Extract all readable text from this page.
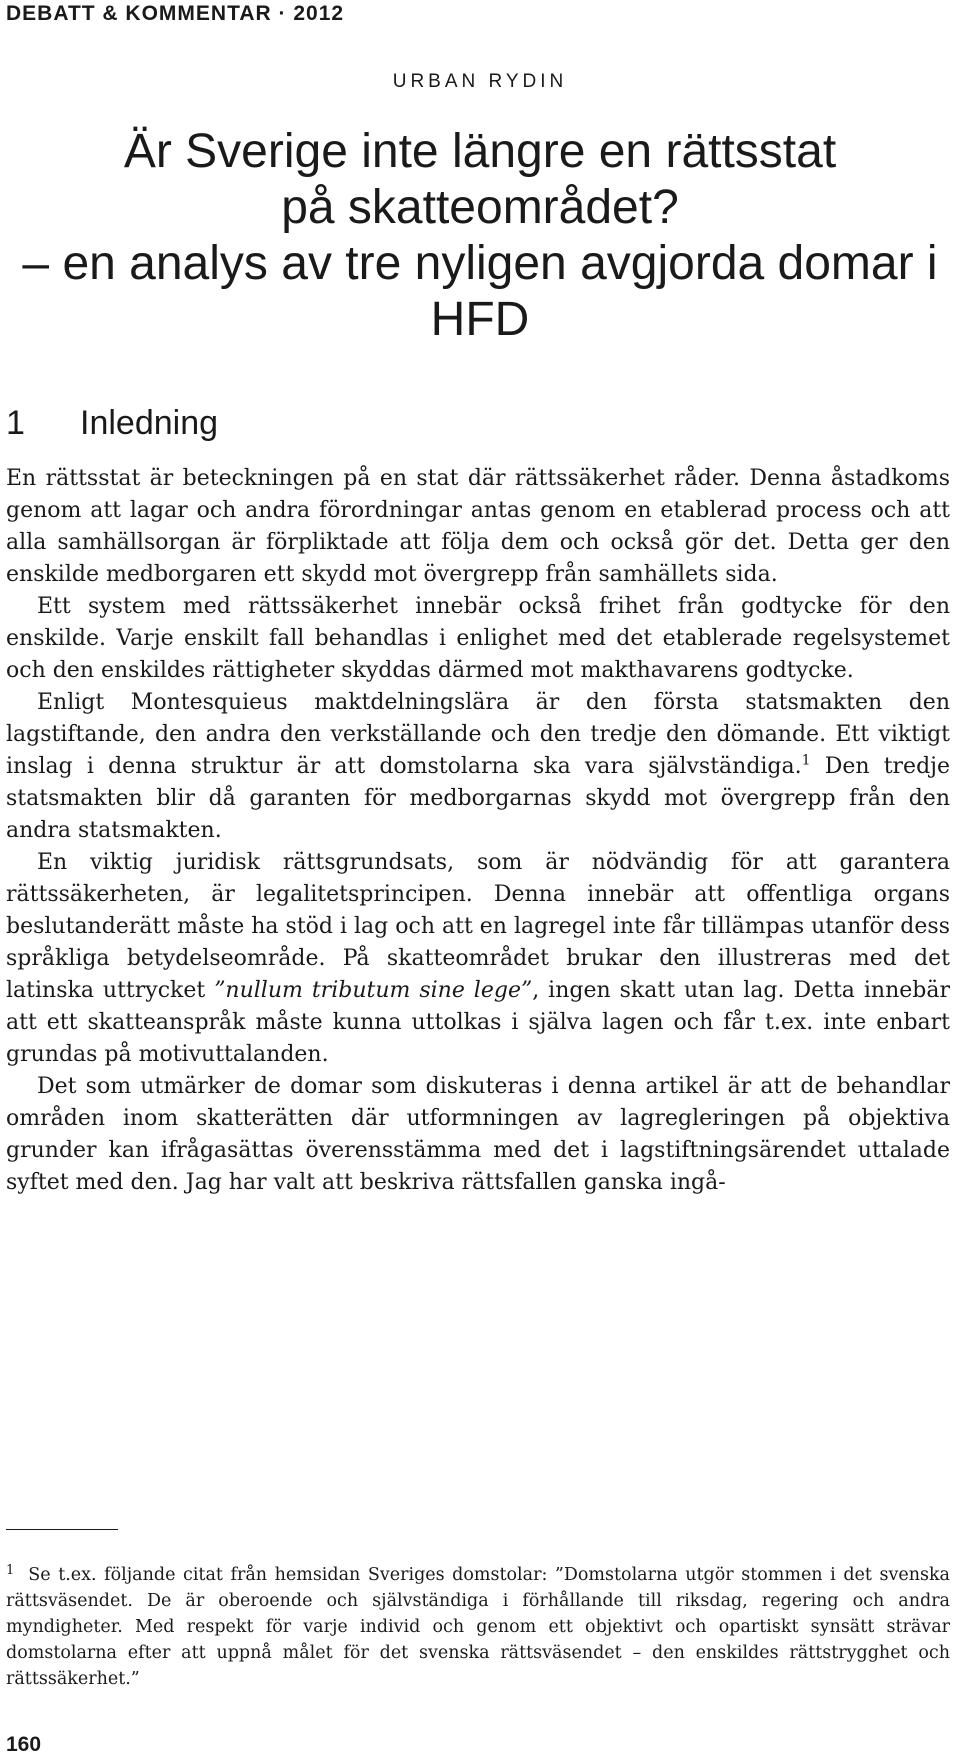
DEBATT & KOMMENTAR · 2012
URBAN RYDIN
Är Sverige inte längre en rättsstat
på skatteområdet?
– en analys av tre nyligen avgjorda domar i HFD
1 Inledning

En rättsstat är beteckningen på en stat där rättssäkerhet råder. Denna åstadkoms genom att lagar och andra förordningar antas genom en etablerad process och att alla samhällsorgan är förpliktade att följa dem och också gör det. Detta ger den enskilde medborgaren ett skydd mot övergrepp från samhällets sida.

Ett system med rättssäkerhet innebär också frihet från godtycke för den enskilde. Varje enskilt fall behandlas i enlighet med det etablerade regelsystemet och den enskildes rättigheter skyddas därmed mot makthavarens godtycke.

Enligt Montesquieus maktdelningslära är den första statsmakten den lagstiftande, den andra den verkställande och den tredje den dömande. Ett viktigt inslag i denna struktur är att domstolarna ska vara självständiga.$^1$ Den tredje statsmakten blir då garanten för medborgarnas skydd mot övergrepp från den andra statsmakten.

En viktig juridisk rättsgrundsats, som är nödvändig för att garantera rättssäkerheten, är legalitetsprincipen. Denna innebär att offentliga organs beslutanderätt måste ha stöd i lag och att en lagregel inte får tillämpas utanför dess språkliga betydelseområde. På skatteområdet brukar den illustreras med det latinska uttrycket ”nullum tributum sine lege”, ingen skatt utan lag. Detta innebär att ett skatteanspråk måste kunna uttolkas i själva lagen och får t.ex. inte enbart grundas på motivuttalanden.

Det som utmärker de domar som diskuteras i denna artikel är att de behandlar områden inom skatterätten där utformningen av lagregleringen på objektiva grunder kan ifrågasättas överensstämma med det i lagstiftningsärendet uttalade syftet med den. Jag har valt att beskriva rättsfallen ganska ingå-

$^1$ Se t.ex. följande citat från hemsidan Sveriges domstolar: ”Domstolarna utgör stommen i det svenska rättsväsendet. De är oberoende och självständiga i förhållande till riksdag, regering och andra myndigheter. Med respekt för varje individ och genom ett objektivt och opartiskt synsätt strävar domstolarna efter att uppnå målet för det svenska rättsväsendet – den enskildes rättstrygghet och rättssäkerhet.”
160
